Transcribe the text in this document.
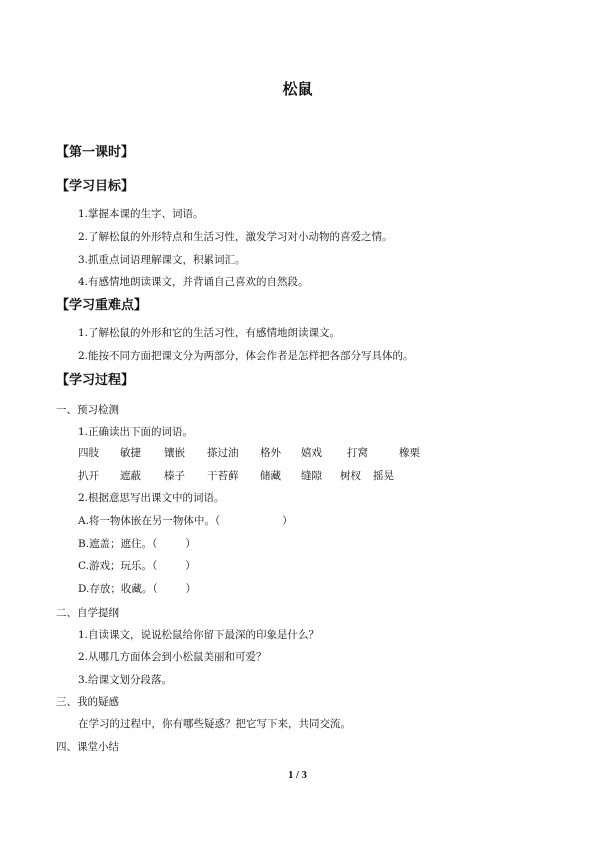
松鼠
【第一课时】
【学习目标】
1.掌握本课的生字、词语。
2.了解松鼠的外形特点和生活习性，激发学习对小动物的喜爱之情。
3.抓重点词语理解课文，积累词汇。
4.有感情地朗读课文，并背诵自己喜欢的自然段。
【学习重难点】
1.了解松鼠的外形和它的生活习性，有感情地朗读课文。
2.能按不同方面把课文分为两部分，体会作者是怎样把各部分写具体的。
【学习过程】
一、预习检测
1.正确读出下面的词语。
四肢 敏捷 镶嵌 搽过油 格外 嬉戏 打窝	橡栗
扒开 遮蔽 榛子 干苔藓 储藏 缝隙 树杈 摇晃
2.根据意思写出课文中的词语。
A.将一物体嵌在另一物体中。（	）
B.遮盖；遮住。（	）
C.游戏；玩乐。（	）
D.存放；收藏。（	）
二、自学提纲
1.自读课文，说说松鼠给你留下最深的印象是什么？
2.从哪几方面体会到小松鼠美丽和可爱？
3.给课文划分段落。
三、我的疑感
在学习的过程中，你有哪些疑惑？把它写下来，共同交流。
四、课堂小结
1 / 3
